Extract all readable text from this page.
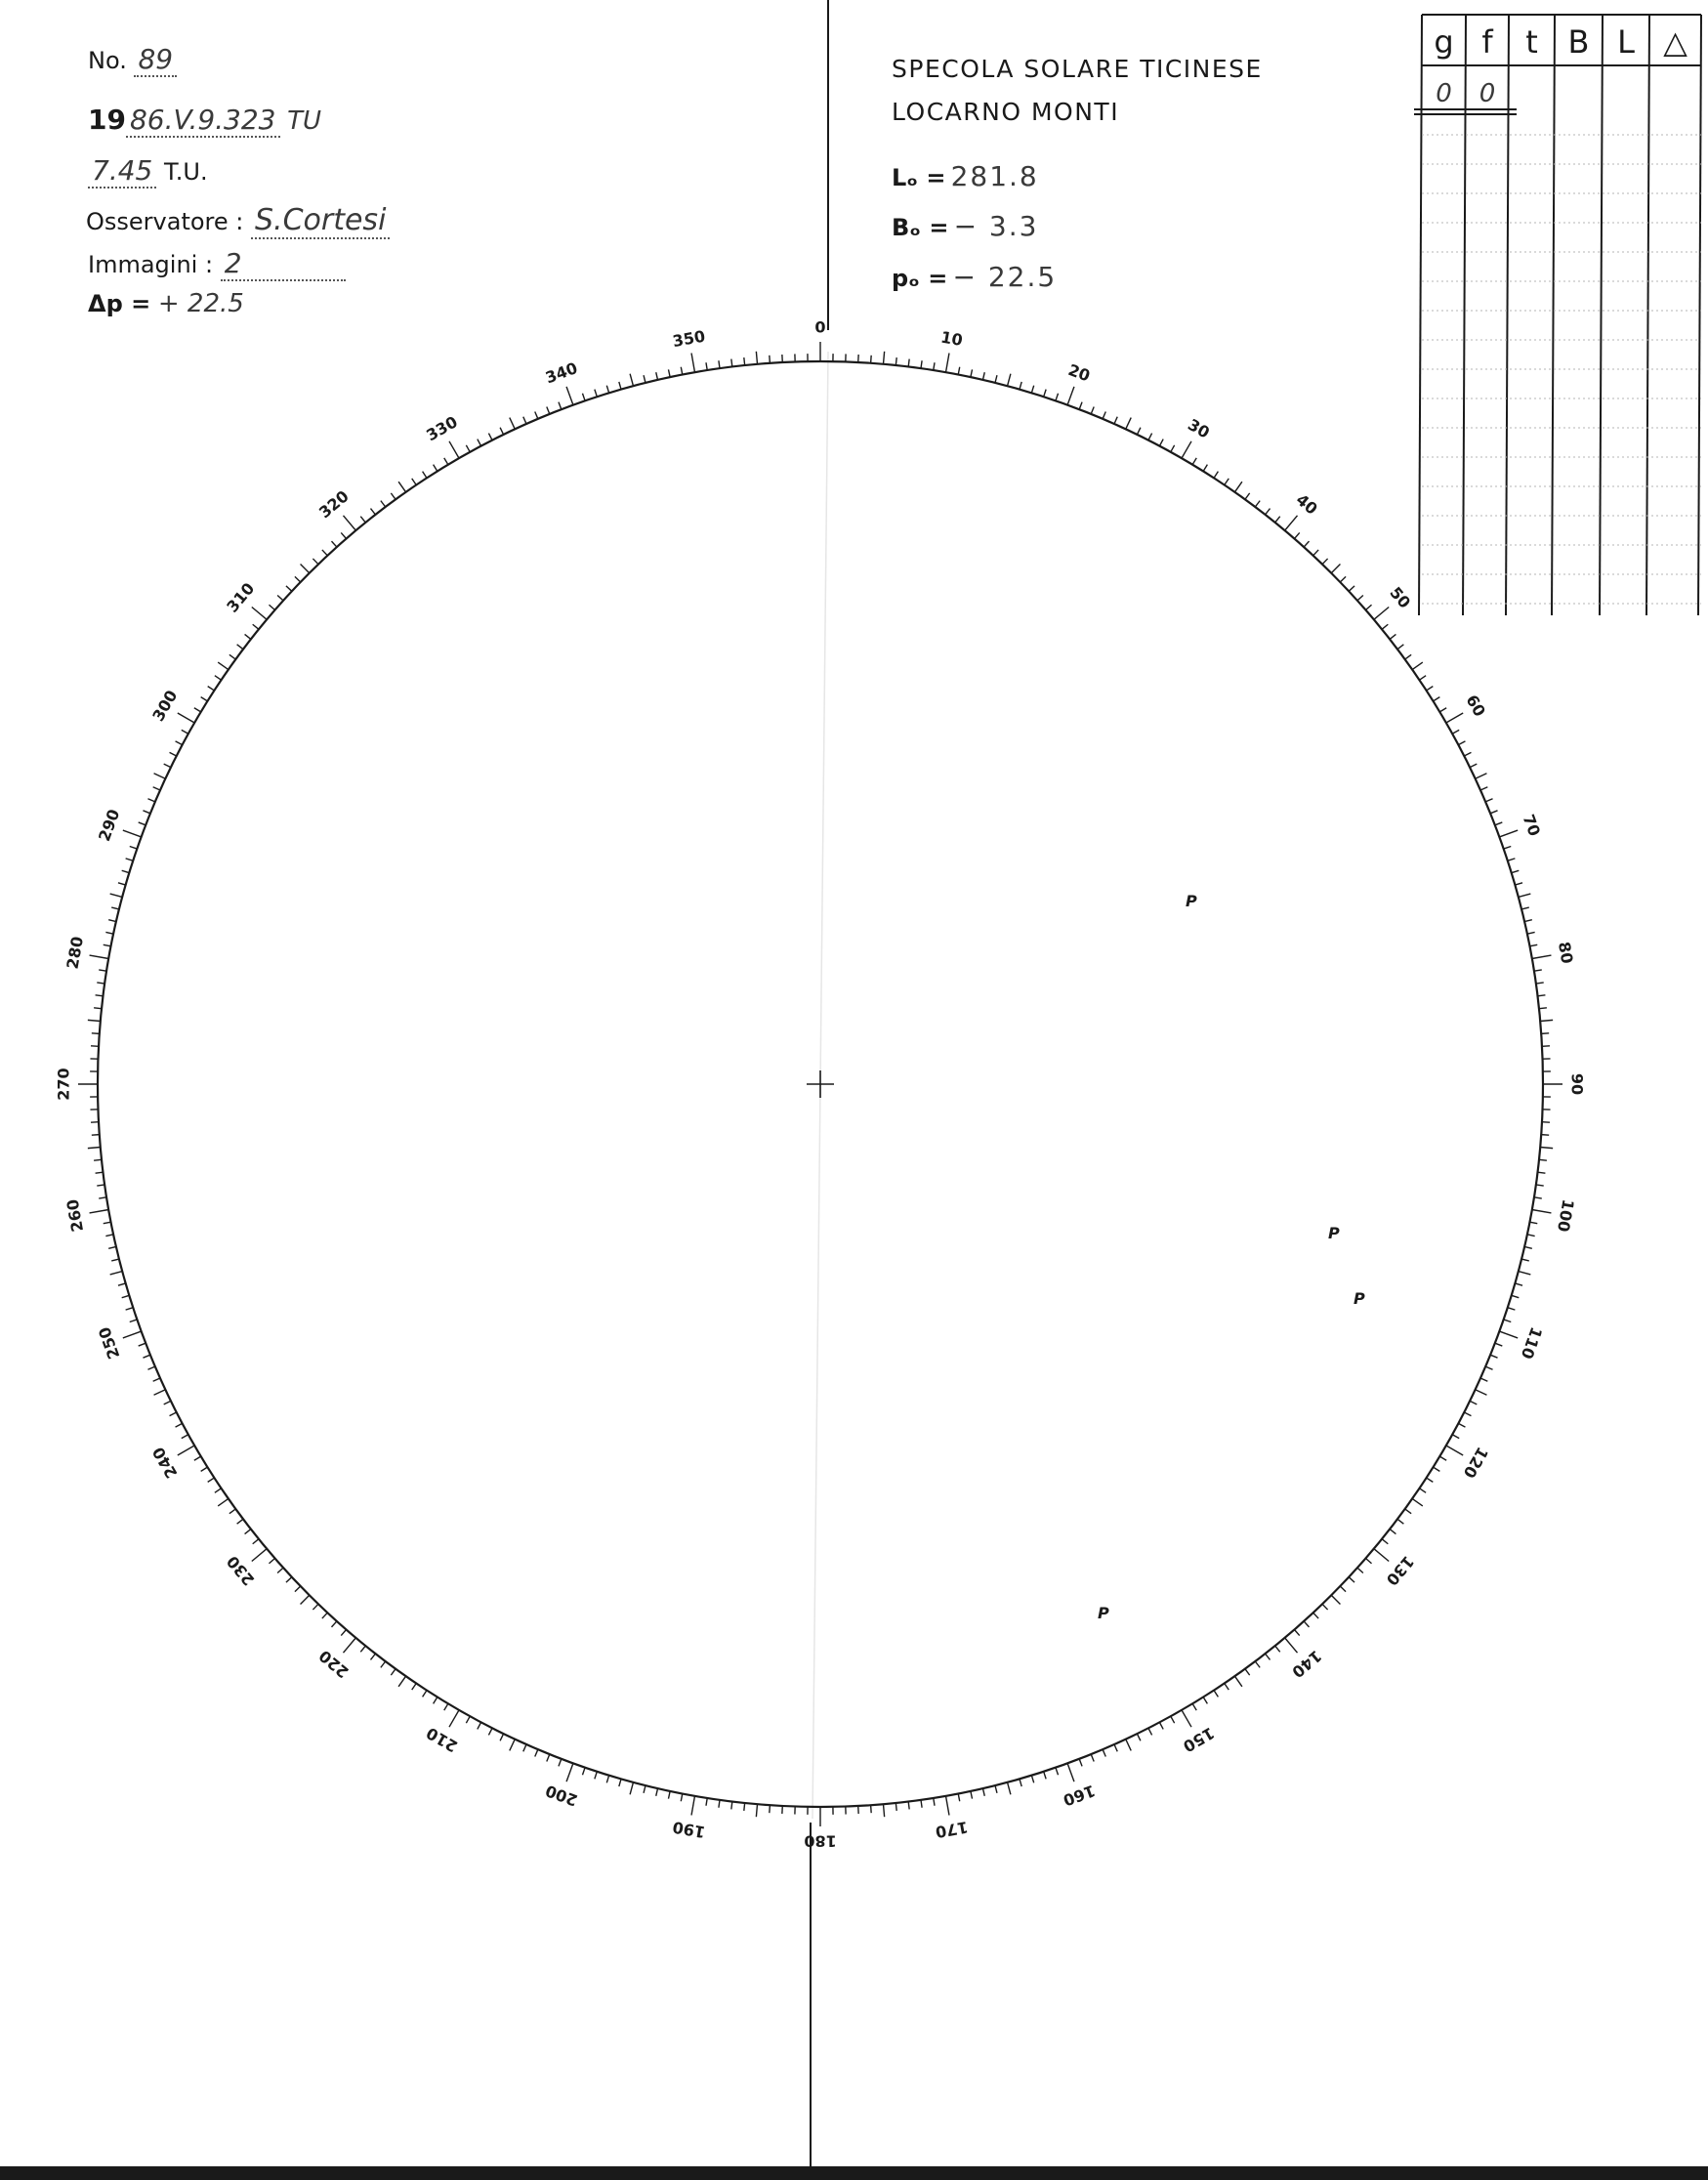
No. 89
19 86.V.9.323 TU
7.45 T.U.
Osservatore : S.Cortesi
Immagini : 2
Δp = + 22.5
SPECOLA SOLARE TICINESE
LOCARNO MONTI
Lₒ = 281.8
Bₒ = − 3.3
pₒ = − 22.5
g f t B L △
0 0
0
10
20
30
40
50
60
70
80
90
100
110
120
130
140
150
160
170
180
190
200
210
220
230
240
250
260
270
280
290
300
310
320
330
340
350
P
P
P
P
